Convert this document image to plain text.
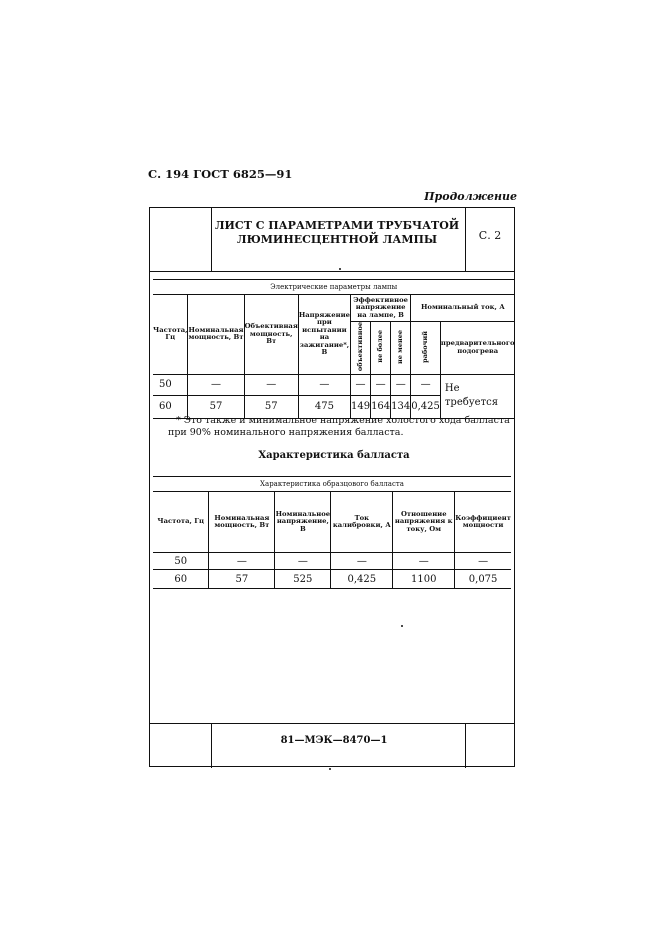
С. 194 ГОСТ 6825—91
Продолжение
ЛИСТ С ПАРАМЕТРАМИ ТРУБЧАТОЙ
ЛЮМИНЕСЦЕНТНОЙ ЛАМПЫ	С. 2
Электрические параметры лампы								
Частота, Гц	Номинальная мощность, Вт	Объективная мощность, Вт	Напряжение при испытании на зажигание*, В	Эффективное напряжение на лампе, В			Номинальный ток, А	
				объективное	не более	не менее	рабочий	предварительного подогрева
50	—	—	—	—	—	—	—	Не требуется
60	57	57	475	149	164	134	0,425	
* Это также и минимальное напряжение холостого хода балласта при 90% номинального напряжения балласта.
Характеристика балласта
Характеристика образцового балласта					
Частота, Гц	Номинальная мощность, Вт	Номинальное напряжение, В	Ток калибровки, А	Отношение напряжения к току, Ом	Коэффициент мощности
50	—	—	—	—	—
60	57	525	0,425	1100	0,075
81—МЭК—8470—1
